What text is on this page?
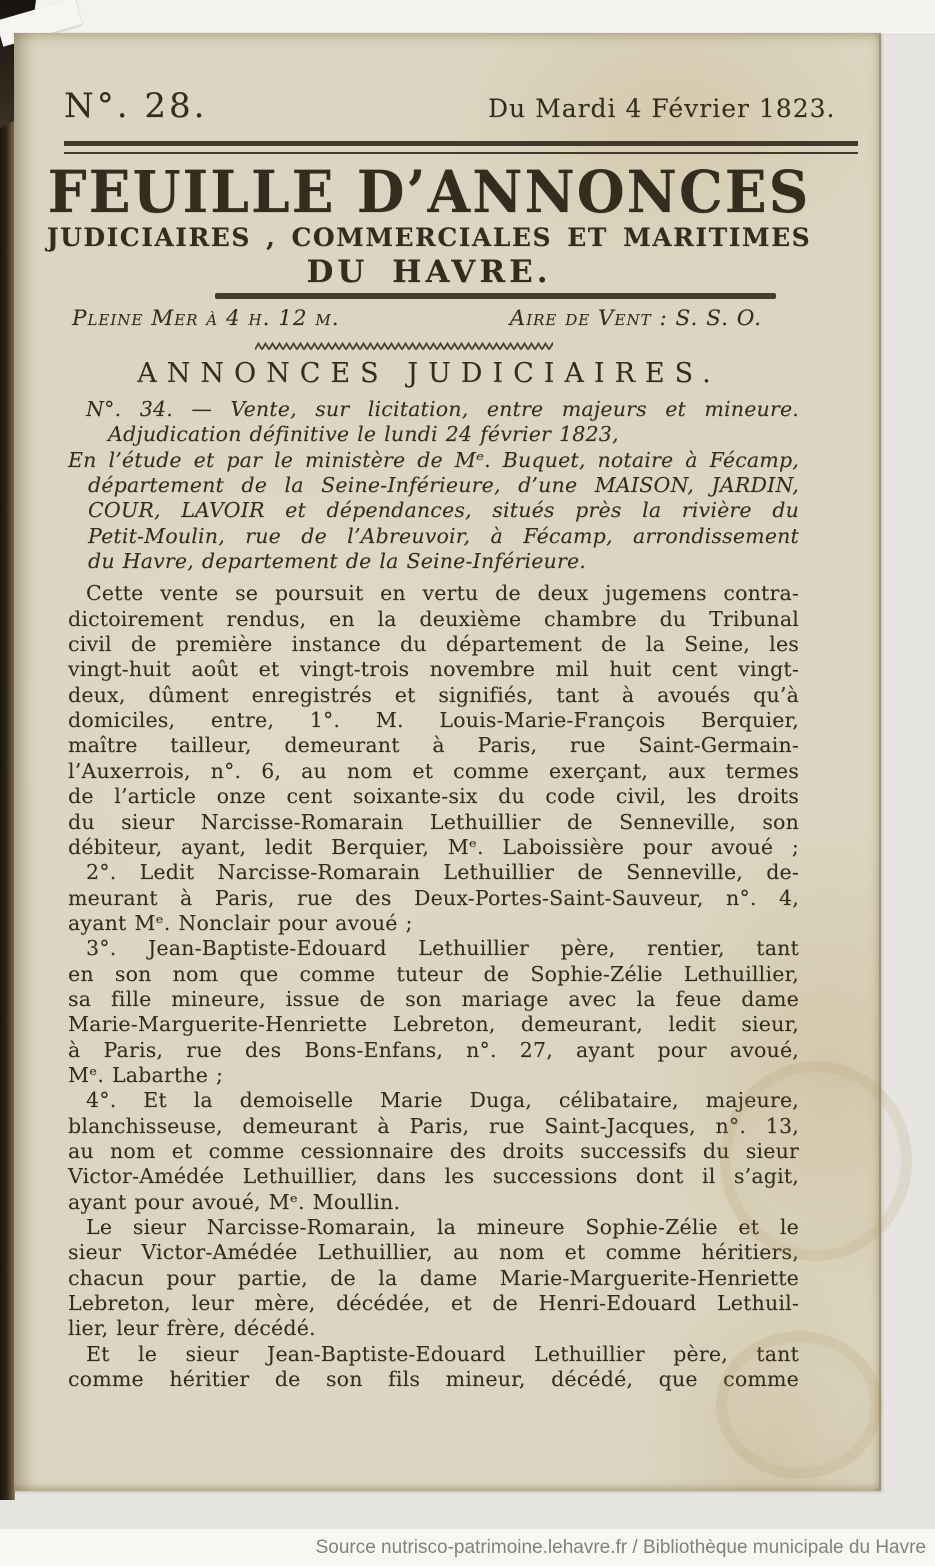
N°. 28.	Du Mardi 4 Février 1823.
FEUILLE D’ANNONCES
JUDICIAIRES , COMMERCIALES ET MARITIMES
DU HAVRE.
Pleine Mer à 4 h. 12 m.	Aire de Vent : S. S. O.
ANNONCES JUDICIAIRES.
N°. 34. — Vente, sur licitation, entre majeurs et mineure.
Adjudication définitive le lundi 24 février 1823,
En l’étude et par le ministère de Mᵉ. Buquet, notaire à Fécamp,
département de la Seine-Inférieure, d’une MAISON, JARDIN,
COUR, LAVOIR et dépendances, situés près la rivière du
Petit-Moulin, rue de l’Abreuvoir, à Fécamp, arrondissement
du Havre, departement de la Seine-Inférieure.
Cette vente se poursuit en vertu de deux jugemens contra-
dictoirement rendus, en la deuxième chambre du Tribunal
civil de première instance du département de la Seine, les
vingt-huit août et vingt-trois novembre mil huit cent vingt-
deux, dûment enregistrés et signifiés, tant à avoués qu’à
domiciles, entre, 1°. M. Louis-Marie-François Berquier,
maître tailleur, demeurant à Paris, rue Saint-Germain-
l’Auxerrois, n°. 6, au nom et comme exerçant, aux termes
de l’article onze cent soixante-six du code civil, les droits
du sieur Narcisse-Romarain Lethuillier de Senneville, son
débiteur, ayant, ledit Berquier, Mᵉ. Laboissière pour avoué ;
2°. Ledit Narcisse-Romarain Lethuillier de Senneville, de-
meurant à Paris, rue des Deux-Portes-Saint-Sauveur, n°. 4,
ayant Mᵉ. Nonclair pour avoué ;
3°. Jean-Baptiste-Edouard Lethuillier père, rentier, tant
en son nom que comme tuteur de Sophie-Zélie Lethuillier,
sa fille mineure, issue de son mariage avec la feue dame
Marie-Marguerite-Henriette Lebreton, demeurant, ledit sieur,
à Paris, rue des Bons-Enfans, n°. 27, ayant pour avoué,
Mᵉ. Labarthe ;
4°. Et la demoiselle Marie Duga, célibataire, majeure,
blanchisseuse, demeurant à Paris, rue Saint-Jacques, n°. 13,
au nom et comme cessionnaire des droits successifs du sieur
Victor-Amédée Lethuillier, dans les successions dont il s’agit,
ayant pour avoué, Mᵉ. Moullin.
Le sieur Narcisse-Romarain, la mineure Sophie-Zélie et le
sieur Victor-Amédée Lethuillier, au nom et comme héritiers,
chacun pour partie, de la dame Marie-Marguerite-Henriette
Lebreton, leur mère, décédée, et de Henri-Edouard Lethuil-
lier, leur frère, décédé.
Et le sieur Jean-Baptiste-Edouard Lethuillier père, tant
comme héritier de son fils mineur, décédé, que comme
Source nutrisco-patrimoine.lehavre.fr / Bibliothèque municipale du Havre
